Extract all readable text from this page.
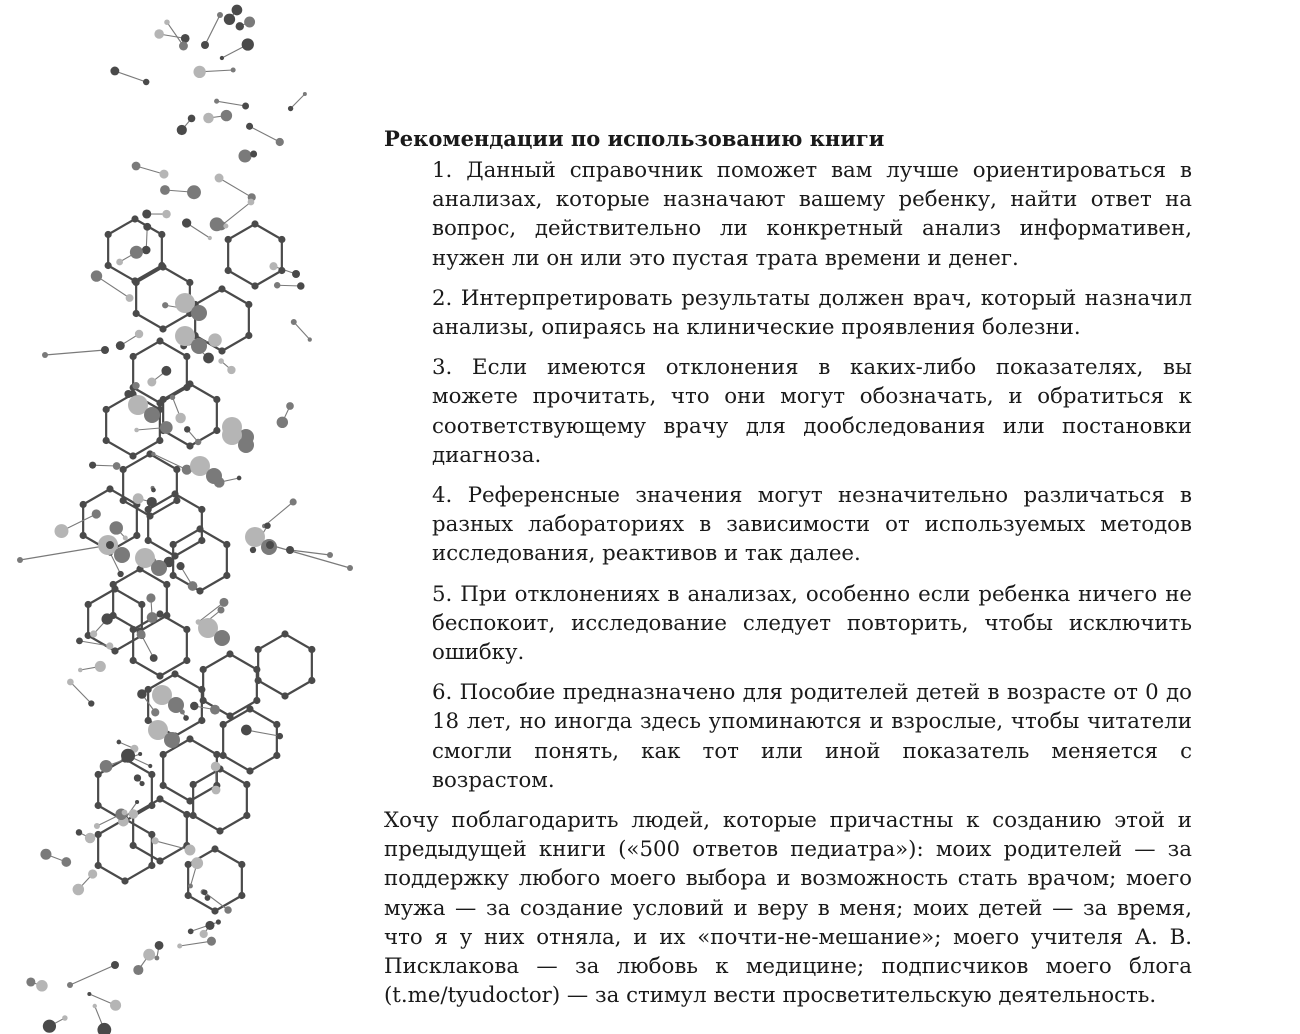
Рекомендации по использованию книги
1. Данный справочник поможет вам лучше ориентироваться в анализах, которые назначают вашему ребенку, найти ответ на вопрос, действительно ли конкретный анализ информативен, нужен ли он или это пустая трата времени и денег.
2. Интерпретировать результаты должен врач, который назначил анализы, опираясь на клинические проявления болезни.
3. Если имеются отклонения в каких-либо показателях, вы можете прочитать, что они могут обозначать, и обратиться к соответствующему врачу для дообследования или постановки диагноза.
4. Референсные значения могут незначительно различаться в разных лабораториях в зависимости от используемых методов исследования, реактивов и так далее.
5. При отклонениях в анализах, особенно если ребенка ничего не беспокоит, исследование следует повторить, чтобы исключить ошибку.
6. Пособие предназначено для родителей детей в возрасте от 0 до 18 лет, но иногда здесь упоминаются и взрослые, чтобы читатели смогли понять, как тот или иной показатель меняется с возрастом.

Хочу поблагодарить людей, которые причастны к созданию этой и предыдущей книги («500 ответов педиатра»): моих родителей — за поддержку любого моего выбора и возможность стать врачом; моего мужа — за создание условий и веру в меня; моих детей — за время, что я у них отняла, и их «почти-не-мешание»; моего учителя А. В. Писклакова — за любовь к медицине; подписчиков моего блога (t.me/tyudoctor) — за стимул вести просветительскую деятельность.
